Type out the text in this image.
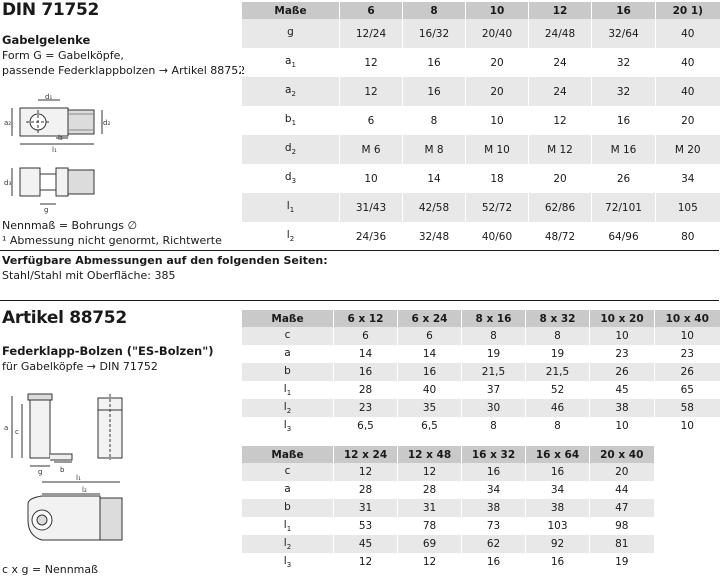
DIN 71752
Gabelgelenke
Form G = Gabelköpfe,
passende Federklappbolzen → Artikel 88752
d₁
a₂	d₂
l₁
l₂
d₃
g
Nennmaß = Bohrungs ∅
¹ Abmessung nicht genormt, Richtwerte
Maße	6	8	10	12	16	20 1)
g	12/24	16/32	20/40	24/48	32/64	40
$a_1$	12	16	20	24	32	40
$a_2$	12	16	20	24	32	40
$b_1$	6	8	10	12	16	20
$d_2$	M 6	M 8	M 10	M 12	M 16	M 20
$d_3$	10	14	18	20	26	34
$l_1$	31/43	42/58	52/72	62/86	72/101	105
$l_2$	24/36	32/48	40/60	48/72	64/96	80
Verfügbare Abmessungen auf den folgenden Seiten:
Stahl/Stahl mit Oberfläche: 385
Artikel 88752
Federklapp-Bolzen ("ES-Bolzen")
für Gabelköpfe → DIN 71752
a c
b
g
l₁
l₂
c x g = Nennmaß
Maße	6 x 12	6 x 24	8 x 16	8 x 32	10 x 20	10 x 40
c	6	6	8	8	10	10
a	14	14	19	19	23	23
b	16	16	21,5	21,5	26	26
$l_1$	28	40	37	52	45	65
$l_2$	23	35	30	46	38	58
$l_3$	6,5	6,5	8	8	10	10
Maße	12 x 24	12 x 48	16 x 32	16 x 64	20 x 40
c	12	12	16	16	20
a	28	28	34	34	44
b	31	31	38	38	47
$l_1$	53	78	73	103	98
$l_2$	45	69	62	92	81
$l_3$	12	12	16	16	19
